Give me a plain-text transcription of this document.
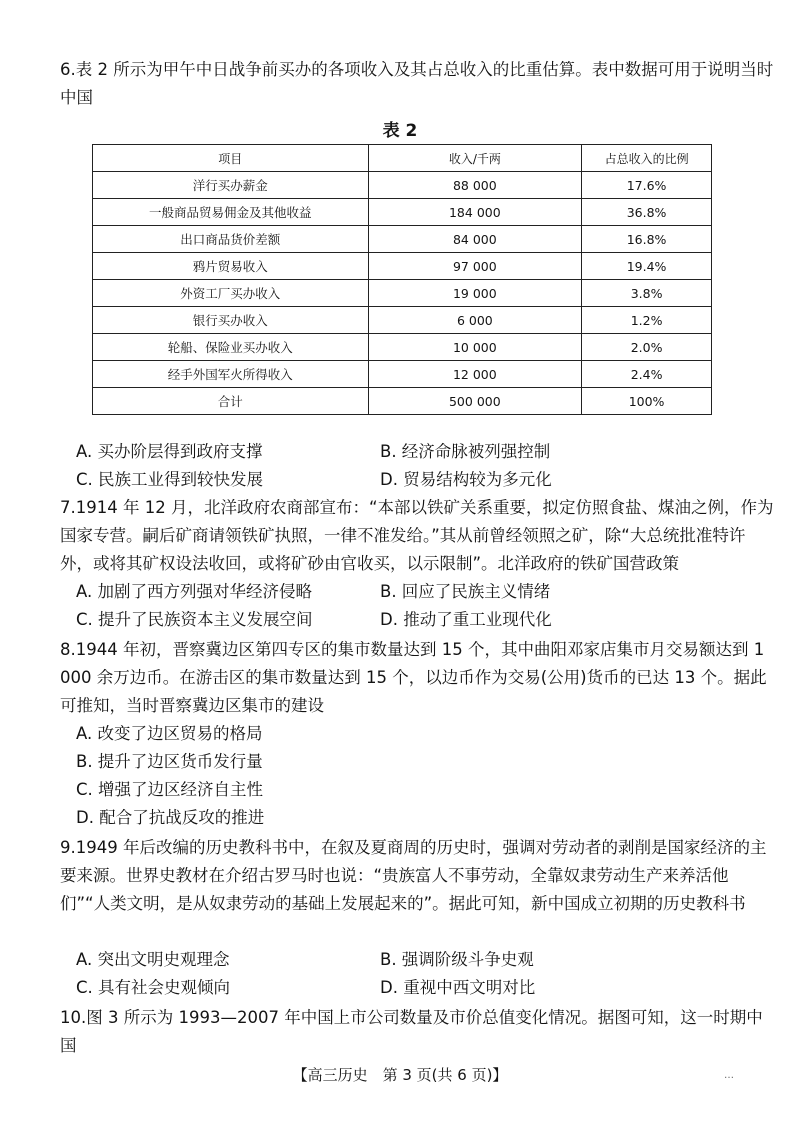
6.表 2 所示为甲午中日战争前买办的各项收入及其占总收入的比重估算。表中数据可用于说明当时中国
表 2
项目	收入/千两	占总收入的比例
洋行买办薪金	88 000	17.6%
一般商品贸易佣金及其他收益	184 000	36.8%
出口商品货价差额	84 000	16.8%
鸦片贸易收入	97 000	19.4%
外资工厂买办收入	19 000	3.8%
银行买办收入	6 000	1.2%
轮船、保险业买办收入	10 000	2.0%
经手外国军火所得收入	12 000	2.4%
合计	500 000	100%
A. 买办阶层得到政府支撑	B. 经济命脉被列强控制
C. 民族工业得到较快发展	D. 贸易结构较为多元化
7.1914 年 12 月，北洋政府农商部宣布：“本部以铁矿关系重要，拟定仿照食盐、煤油之例，作为国家专营。嗣后矿商请领铁矿执照，一律不准发给。”其从前曾经领照之矿，除“大总统批准特许外，或将其矿权设法收回，或将矿砂由官收买，以示限制”。北洋政府的铁矿国营政策
A. 加剧了西方列强对华经济侵略	B. 回应了民族主义情绪
C. 提升了民族资本主义发展空间	D. 推动了重工业现代化
8.1944 年初，晋察冀边区第四专区的集市数量达到 15 个，其中曲阳邓家店集市月交易额达到 1 000 余万边币。在游击区的集市数量达到 15 个，以边币作为交易(公用)货币的已达 13 个。据此可推知，当时晋察冀边区集市的建设
A. 改变了边区贸易的格局
B. 提升了边区货币发行量
C. 增强了边区经济自主性
D. 配合了抗战反攻的推进
9.1949 年后改编的历史教科书中，在叙及夏商周的历史时，强调对劳动者的剥削是国家经济的主要来源。世界史教材在介绍古罗马时也说：“贵族富人不事劳动，全靠奴隶劳动生产来养活他们”“人类文明，是从奴隶劳动的基础上发展起来的”。据此可知，新中国成立初期的历史教科书
A. 突出文明史观理念	B. 强调阶级斗争史观
C. 具有社会史观倾向	D. 重视中西文明对比
10.图 3 所示为 1993—2007 年中国上市公司数量及市价总值变化情况。据图可知，这一时期中国
【高三历史　第 3 页(共 6 页)】	…
